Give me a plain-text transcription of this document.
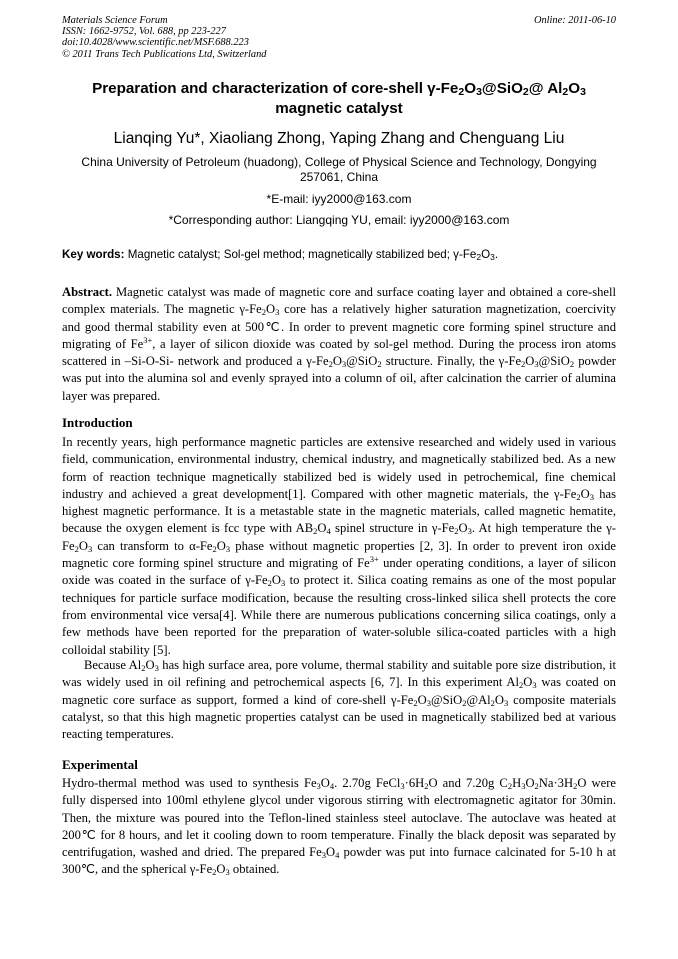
Materials Science Forum
ISSN: 1662-9752, Vol. 688, pp 223-227
doi:10.4028/www.scientific.net/MSF.688.223
© 2011 Trans Tech Publications Ltd, Switzerland
Online: 2011-06-10
Preparation and characterization of core-shell $\gamma-Fe_2O_3@SiO_2@$ $Al_2O_3$
magnetic catalyst
Lianqing Yu*, Xiaoliang Zhong, Yaping Zhang and Chenguang Liu
China University of Petroleum (huadong), College of Physical Science and Technology, Dongying 257061, China
*E-mail: iyy2000@163.com
*Corresponding author: Liangqing YU, email: iyy2000@163.com
Key words: Magnetic catalyst; Sol-gel method; magnetically stabilized bed; $\gamma-Fe_2O_3$.
Abstract. Magnetic catalyst was made of magnetic core and surface coating layer and obtained a core-shell complex materials. The magnetic $\gamma-Fe_2O_3$ core has a relatively higher saturation magnetization, coercivity and good thermal stability even at 500℃. In order to prevent magnetic core forming spinel structure and migrating of $Fe^{3+}$, a layer of silicon dioxide was coated by sol-gel method. During the process iron atoms scattered in –Si-O-Si- network and produced a $\gamma-Fe_2O_3@SiO_2$ structure. Finally, the $\gamma-Fe_2O_3@SiO_2$ powder was put into the alumina sol and evenly sprayed into a column of oil, after calcination the carrier of alumina layer was prepared.
Introduction
In recently years, high performance magnetic particles are extensive researched and widely used in various field, communication, environmental industry, chemical industry, and magnetically stabilized bed. As a new form of reaction technique magnetically stabilized bed is widely used in petrochemical, fine chemical industry and achieved a great development[1]. Compared with other magnetic materials, the $\gamma-Fe_2O_3$ has highest magnetic performance. It is a metastable state in the magnetic materials, called magnetic hematite, because the oxygen element is fcc type with $AB_2O_4$ spinel structure in $\gamma-Fe_2O_3$. At high temperature the $\gamma-Fe_2O_3$ can transform to $\alpha-Fe_2O_3$ phase without magnetic properties [2, 3]. In order to prevent iron oxide magnetic core forming spinel structure and migrating of $Fe^{3+}$ under operating conditions, a layer of silicon oxide was coated in the surface of $\gamma-Fe_2O_3$ to protect it. Silica coating remains as one of the most popular techniques for particle surface modification, because the resulting cross-linked silica shell protects the core from environmental vice versa[4]. While there are numerous publications concerning silica coatings, only a few methods have been reported for the preparation of water-soluble silica-coated particles with a high colloidal stability [5].
Because $Al_2O_3$ has high surface area, pore volume, thermal stability and suitable pore size distribution, it was widely used in oil refining and petrochemical aspects [6, 7]. In this experiment $Al_2O_3$ was coated on magnetic core surface as support, formed a kind of core-shell $\gamma-Fe_2O_3@SiO_2@Al_2O_3$ composite materials catalyst, so that this high magnetic properties catalyst can be used in magnetically stabilized bed at various reacting temperatures.
Experimental
Hydro-thermal method was used to synthesis $Fe_3O_4$. 2.70g $FeCl_3\cdot 6H_2O$ and 7.20g $C_2H_3O_2Na\cdot 3H_2O$ were fully dispersed into 100ml ethylene glycol under vigorous stirring with electromagnetic agitator for 30min. Then, the mixture was poured into the Teflon-lined stainless steel autoclave. The autoclave was heated at 200℃ for 8 hours, and let it cooling down to room temperature. Finally the black deposit was separated by centrifugation, washed and dried. The prepared $Fe_3O_4$ powder was put into furnace calcinated for 5-10 h at 300℃, and the spherical $\gamma-Fe_2O_3$ obtained.
